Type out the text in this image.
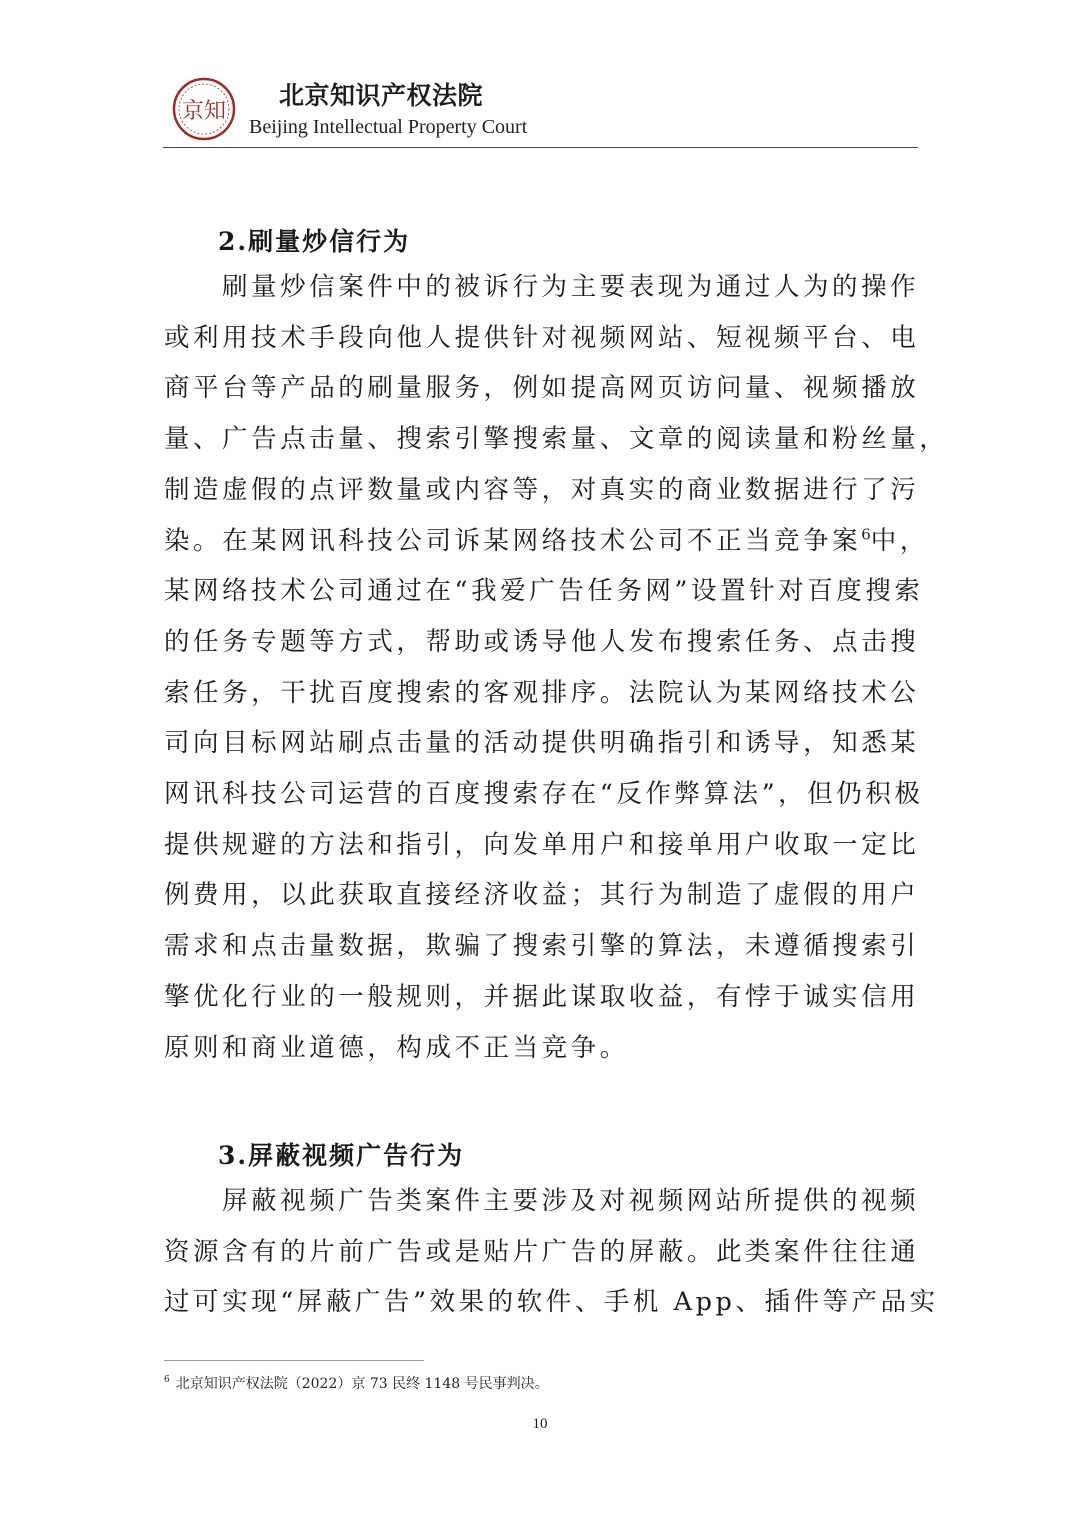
京知
北京知识产权法院
Beijing Intellectual Property Court
2.刷量炒信行为
刷量炒信案件中的被诉行为主要表现为通过人为的操作
或利用技术手段向他人提供针对视频网站、短视频平台、电
商平台等产品的刷量服务，例如提高网页访问量、视频播放
量、广告点击量、搜索引擎搜索量、文章的阅读量和粉丝量，
制造虚假的点评数量或内容等，对真实的商业数据进行了污
染。在某网讯科技公司诉某网络技术公司不正当竞争案$^6$中，
某网络技术公司通过在“我爱广告任务网”设置针对百度搜索
的任务专题等方式，帮助或诱导他人发布搜索任务、点击搜
索任务，干扰百度搜索的客观排序。法院认为某网络技术公
司向目标网站刷点击量的活动提供明确指引和诱导，知悉某
网讯科技公司运营的百度搜索存在“反作弊算法”，但仍积极
提供规避的方法和指引，向发单用户和接单用户收取一定比
例费用，以此获取直接经济收益；其行为制造了虚假的用户
需求和点击量数据，欺骗了搜索引擎的算法，未遵循搜索引
擎优化行业的一般规则，并据此谋取收益，有悖于诚实信用
原则和商业道德，构成不正当竞争。
3.屏蔽视频广告行为
屏蔽视频广告类案件主要涉及对视频网站所提供的视频
资源含有的片前广告或是贴片广告的屏蔽。此类案件往往通
过可实现“屏蔽广告”效果的软件、手机 App、插件等产品实
$^6$ 北京知识产权法院（2022）京 73 民终 1148 号民事判决。
10
